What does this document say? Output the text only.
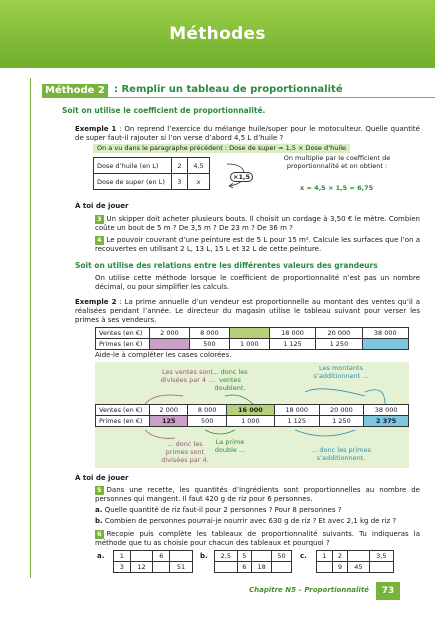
Méthodes
Méthode 2 : Remplir un tableau de proportionnalité
Soit on utilise le coefficient de proportionnalité.
Exemple 1 : On reprend l’exercice du mélange huile/super pour le motoculteur. Quelle quantité de super faut-il rajouter si l’on verse d’abord 4,5 L d’huile ?
On a vu dans le paragraphe précédent : Dose de super = 1,5 × Dose d’huile
Dose d’huile (en L)	2	4,5
Dose de super (en L)	3	x
×1,5
On multiplie par le coefficient de proportionnalité et on obtient :
x = 4,5 × 1,5 = 6,75
À toi de jouer
3 Un skipper doit acheter plusieurs bouts. Il choisit un cordage à 3,50 € le mètre. Combien coûte un bout de 5 m ? De 3,5 m ? De 23 m ? De 36 m ?
4 Le pouvoir couvrant d’une peinture est de 5 L pour 15 m². Calcule les surfaces que l’on a recouvertes en utilisant 2 L, 13 L, 15 L et 32 L de cette peinture.
Soit on utilise des relations entre les différentes valeurs des grandeurs
On utilise cette méthode lorsque le coefficient de proportionnalité n’est pas un nombre décimal, ou pour simplifier les calculs.
Exemple 2 : La prime annuelle d’un vendeur est proportionnelle au montant des ventes qu’il a réalisées pendant l’année. Le directeur du magasin utilise le tableau suivant pour verser les primes à ses vendeurs.
Ventes (en €)	2 000	8 000		18 000	20 000	38 000
Primes (en €)		500	1 000	1 125	1 250	
Aide-le à compléter les cases colorées.
Les ventes sont divisées par 4 ...
... donc les ventes doublent.
Les montants s’additionnent ...
Ventes (en €)	2 000	8 000	16 000	18 000	20 000	38 000
Primes (en €)	125	500	1 000	1 125	1 250	2 375
... donc les primes sont divisées par 4.
La prime double ...	... donc les primes s’additionnent.
À toi de jouer
5 Dans une recette, les quantités d’ingrédients sont proportionnelles au nombre de personnes qui mangent. Il faut 420 g de riz pour 6 personnes.
a. Quelle quantité de riz faut-il pour 2 personnes ? Pour 8 personnes ?
b. Combien de personnes pourrai-je nourrir avec 630 g de riz ? Et avec 2,1 kg de riz ?
6 Recopie puis complète les tableaux de proportionnalité suivants. Tu indiqueras la méthode que tu as choisie pour chacun des tableaux et pourquoi ?
a. 1		6	
3	12		51
b. 2,5	5		50
	6	18	
c. 1	2		3,5
	9	45	
Chapitre N5 – Proportionnalité	73
